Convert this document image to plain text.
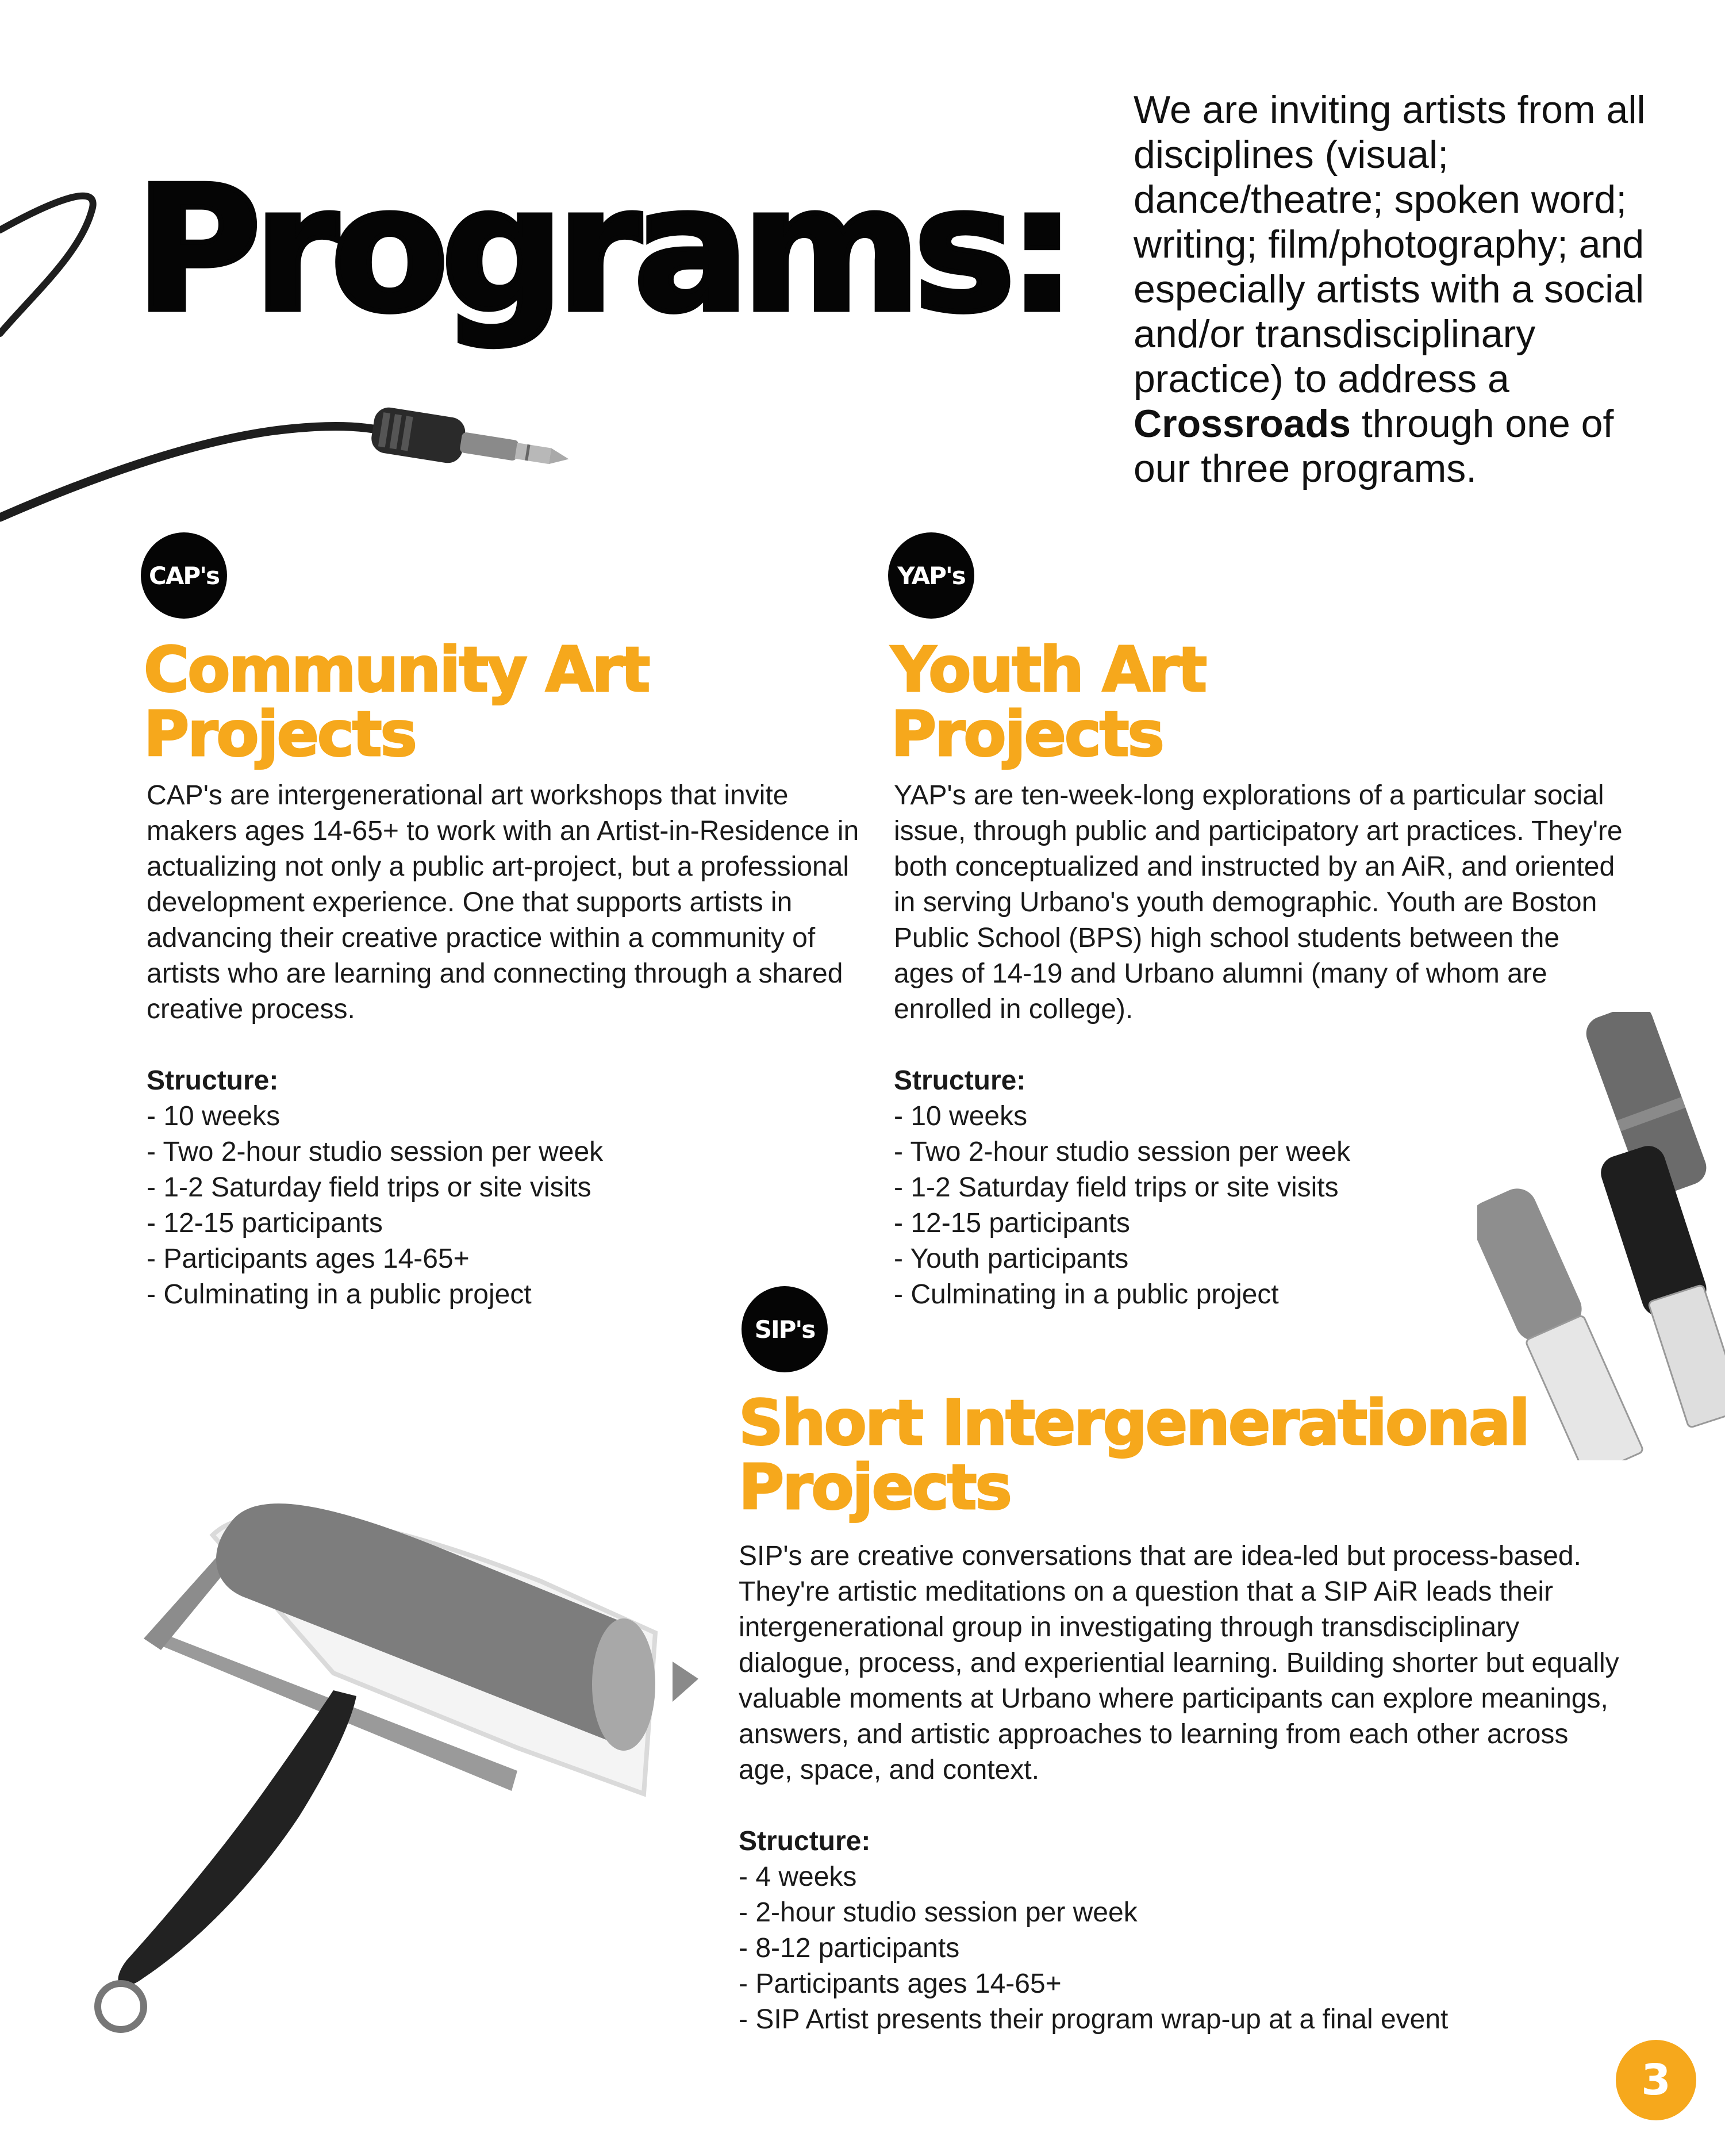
Programs:
We are inviting artists from all disciplines (visual; dance/theatre; spoken word; writing; film/photography; and especially artists with a social and/or transdisciplinary practice) to address a Crossroads through one of our three programs.
CAP's
Community Art
Projects
CAP's are intergenerational art workshops that invite makers ages 14-65+ to work with an Artist-in-Residence in actualizing not only a public art-project, but a professional development experience. One that supports artists in advancing their creative practice within a community of artists who are learning and connecting through a shared creative process.
Structure:
- 10 weeks
- Two 2-hour studio session per week
- 1-2 Saturday field trips or site visits
- 12-15 participants
- Participants ages 14-65+
- Culminating in a public project
YAP's
Youth Art
Projects
YAP's are ten-week-long explorations of a particular social issue, through public and participatory art practices. They're both conceptualized and instructed by an AiR, and oriented in serving Urbano's youth demographic. Youth are Boston Public School (BPS) high school students between the ages of 14-19 and Urbano alumni (many of whom are enrolled in college).
Structure:
- 10 weeks
- Two 2-hour studio session per week
- 1-2 Saturday field trips or site visits
- 12-15 participants
- Youth participants
- Culminating in a public project
SIP's
Short Intergenerational
Projects
SIP's are creative conversations that are idea-led but process-based. They're artistic meditations on a question that a SIP AiR leads their intergenerational group in investigating through transdisciplinary dialogue, process, and experiential learning. Building shorter but equally valuable moments at Urbano where participants can explore meanings, answers, and artistic approaches to learning from each other across age, space, and context.
Structure:
- 4 weeks
- 2-hour studio session per week
- 8-12 participants
- Participants ages 14-65+
- SIP Artist presents their program wrap-up at a final event
3
